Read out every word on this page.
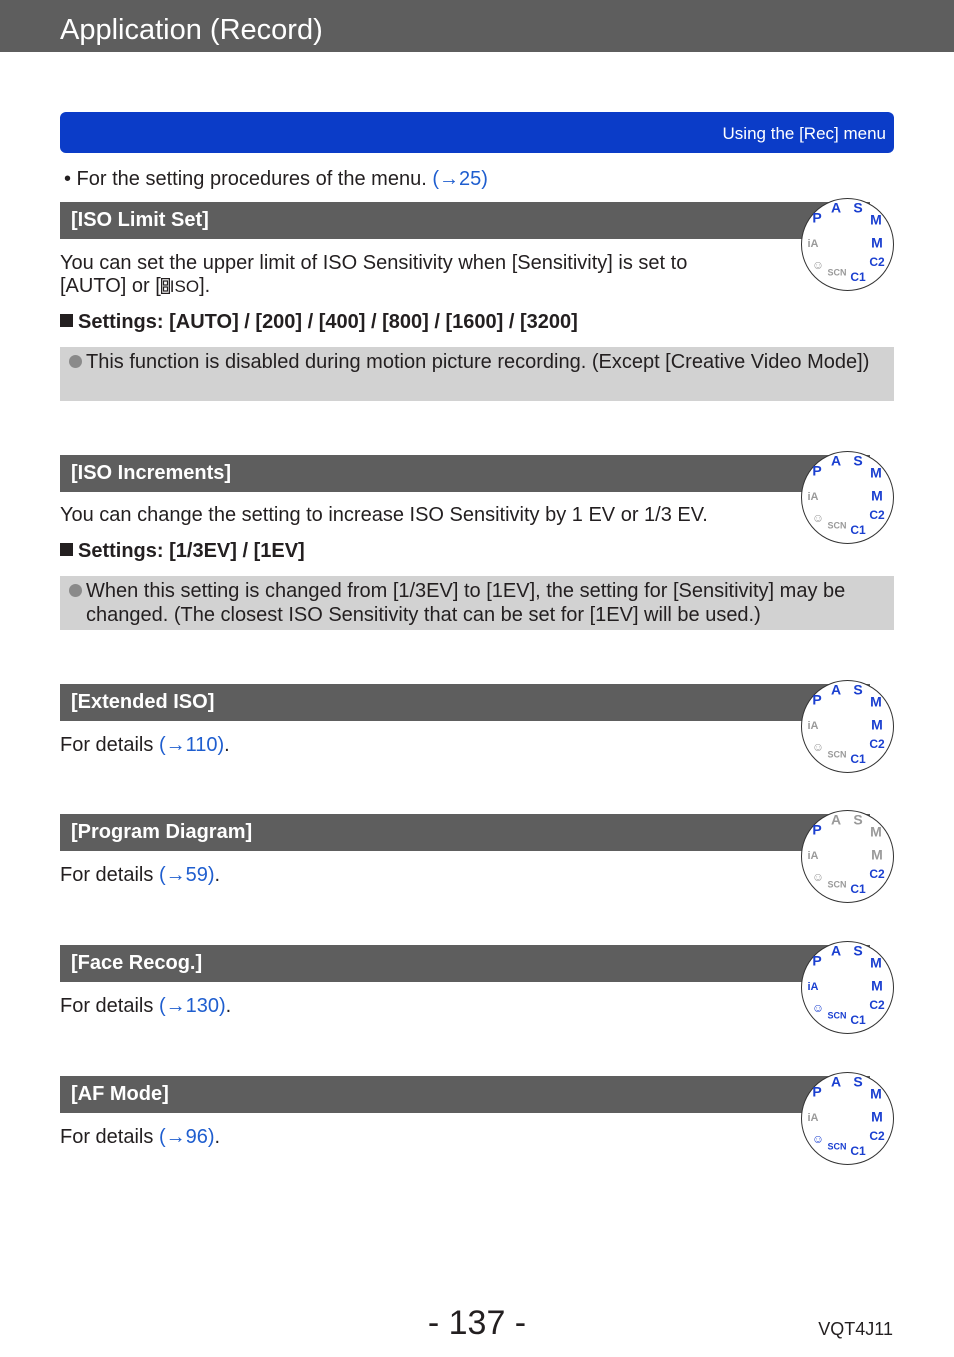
Application (Record)
Using the [Rec] menu
• For the setting procedures of the menu. (→25)
[ISO Limit Set]
You can set the upper limit of ISO Sensitivity when [Sensitivity] is set to
[AUTO] or [ ISO].
Settings: [AUTO] / [200] / [400] / [800] / [1600] / [3200]
This function is disabled during motion picture recording. (Except [Creative Video Mode])
[ISO Increments]
You can change the setting to increase ISO Sensitivity by 1 EV or 1/3 EV.
Settings: [1/3EV] / [1EV]
When this setting is changed from [1/3EV] to [1EV], the setting for [Sensitivity] may be changed. (The closest ISO Sensitivity that can be set for [1EV] will be used.)
[Extended ISO]
For details (→110).
[Program Diagram]
For details (→59).
[Face Recog.]
For details (→130).
[AF Mode]
For details (→96).
P
A S
M
M
C2
C1
SCN
☺
iA
P
A S
M
M
C2
C1
SCN
☺
iA
P
A S
M
M
C2
C1
SCN
☺
iA
P
A S
M
M
C2
C1
SCN
☺
iA
P
A S
M
M
C2
C1
SCN
☺
iA
P
A S
M
M
C2
C1
SCN
☺
iA
- 137 -	VQT4J11
